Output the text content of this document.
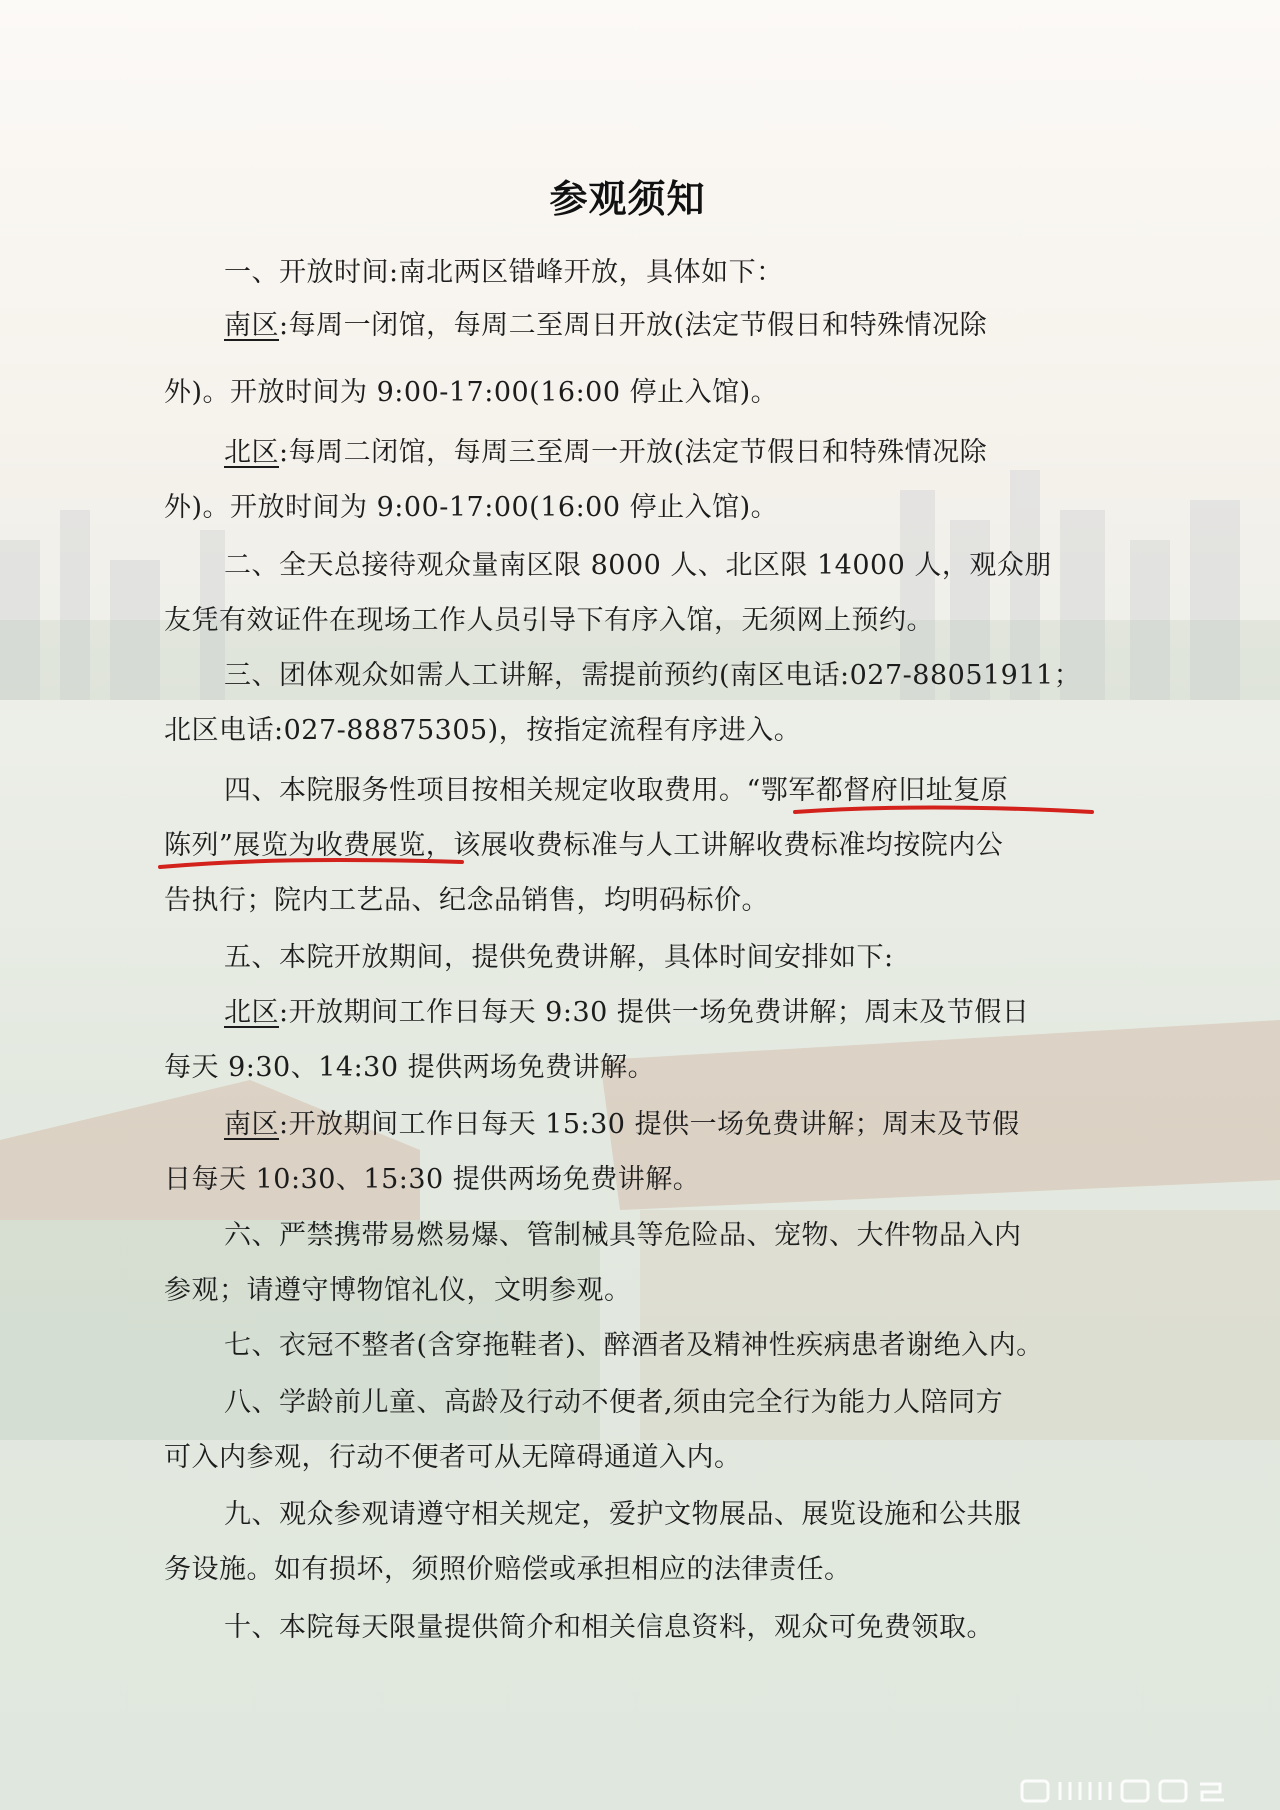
参观须知
一、开放时间:南北两区错峰开放，具体如下：
南区:每周一闭馆，每周二至周日开放(法定节假日和特殊情况除
外)。开放时间为 9:00-17:00(16:00 停止入馆)。
北区:每周二闭馆，每周三至周一开放(法定节假日和特殊情况除
外)。开放时间为 9:00-17:00(16:00 停止入馆)。
二、全天总接待观众量南区限 8000 人、北区限 14000 人，观众朋
友凭有效证件在现场工作人员引导下有序入馆，无须网上预约。
三、团体观众如需人工讲解，需提前预约(南区电话:027-88051911；
北区电话:027-88875305)，按指定流程有序进入。
四、本院服务性项目按相关规定收取费用。“鄂军都督府旧址复原
陈列”展览为收费展览，该展收费标准与人工讲解收费标准均按院内公
告执行；院内工艺品、纪念品销售，均明码标价。
五、本院开放期间，提供免费讲解，具体时间安排如下:
北区:开放期间工作日每天 9:30 提供一场免费讲解；周末及节假日
每天 9:30、14:30 提供两场免费讲解。
南区:开放期间工作日每天 15:30 提供一场免费讲解；周末及节假
日每天 10:30、15:30 提供两场免费讲解。
六、严禁携带易燃易爆、管制械具等危险品、宠物、大件物品入内
参观；请遵守博物馆礼仪，文明参观。
七、衣冠不整者(含穿拖鞋者)、醉酒者及精神性疾病患者谢绝入内。
八、学龄前儿童、高龄及行动不便者,须由完全行为能力人陪同方
可入内参观，行动不便者可从无障碍通道入内。
九、观众参观请遵守相关规定，爱护文物展品、展览设施和公共服
务设施。如有损坏，须照价赔偿或承担相应的法律责任。
十、本院每天限量提供简介和相关信息资料，观众可免费领取。
